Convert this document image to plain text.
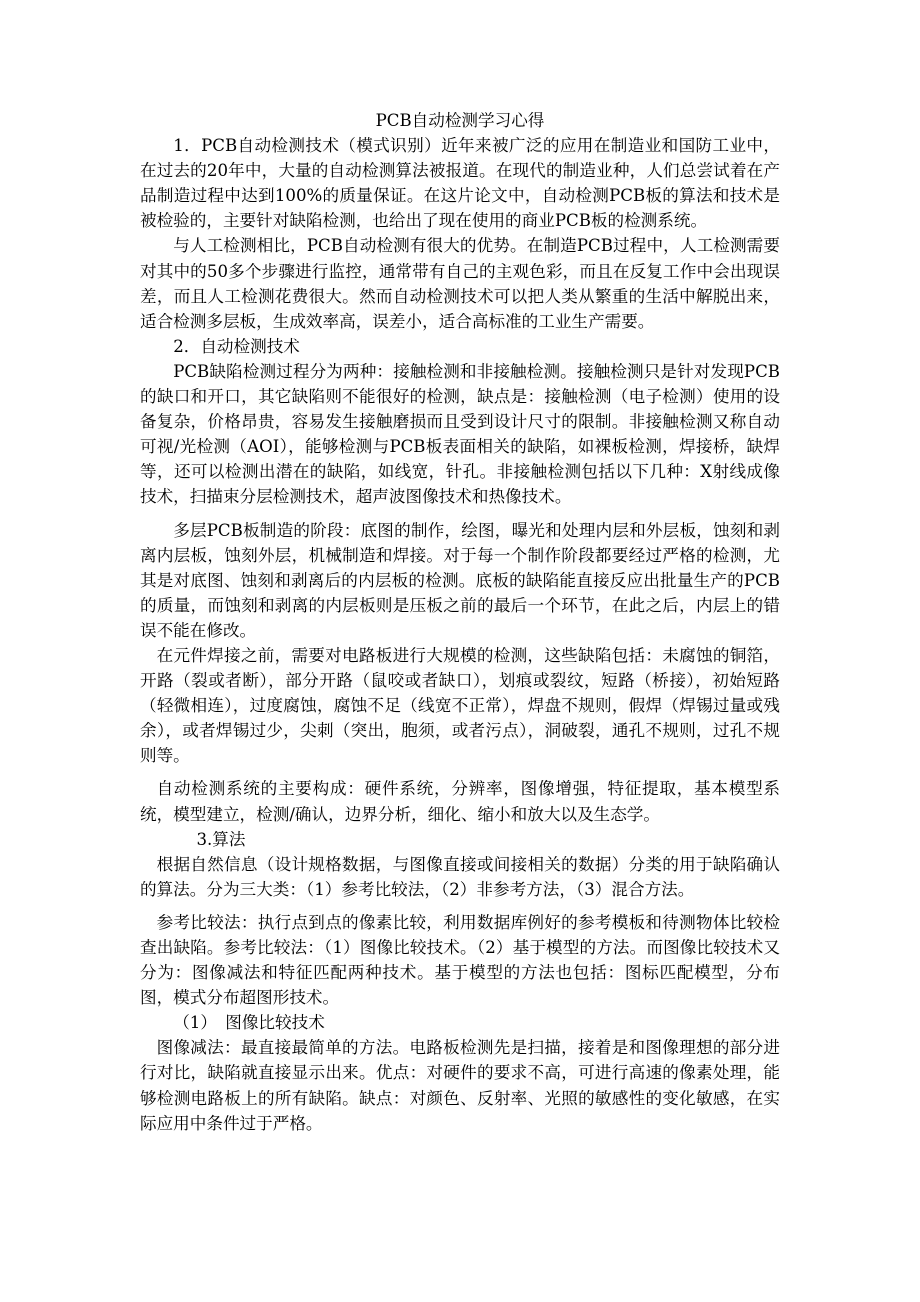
PCB自动检测学习心得

1．PCB自动检测技术（模式识别）近年来被广泛的应用在制造业和国防工业中，在过去的20年中，大量的自动检测算法被报道。在现代的制造业种，人们总尝试着在产品制造过程中达到100%的质量保证。在这片论文中，自动检测PCB板的算法和技术是被检验的，主要针对缺陷检测，也给出了现在使用的商业PCB板的检测系统。

与人工检测相比，PCB自动检测有很大的优势。在制造PCB过程中，人工检测需要对其中的50多个步骤进行监控，通常带有自己的主观色彩，而且在反复工作中会出现误差，而且人工检测花费很大。然而自动检测技术可以把人类从繁重的生活中解脱出来，适合检测多层板，生成效率高，误差小，适合高标准的工业生产需要。

2．自动检测技术

PCB缺陷检测过程分为两种：接触检测和非接触检测。接触检测只是针对发现PCB的缺口和开口，其它缺陷则不能很好的检测，缺点是：接触检测（电子检测）使用的设备复杂，价格昂贵，容易发生接触磨损而且受到设计尺寸的限制。非接触检测又称自动可视/光检测（AOI），能够检测与PCB板表面相关的缺陷，如裸板检测，焊接桥，缺焊等，还可以检测出潜在的缺陷，如线宽，针孔。非接触检测包括以下几种：X射线成像技术，扫描束分层检测技术，超声波图像技术和热像技术。

多层PCB板制造的阶段：底图的制作，绘图，曝光和处理内层和外层板，蚀刻和剥离内层板，蚀刻外层，机械制造和焊接。对于每一个制作阶段都要经过严格的检测，尤其是对底图、蚀刻和剥离后的内层板的检测。底板的缺陷能直接反应出批量生产的PCB的质量，而蚀刻和剥离的内层板则是压板之前的最后一个环节，在此之后，内层上的错误不能在修改。

在元件焊接之前，需要对电路板进行大规模的检测，这些缺陷包括：未腐蚀的铜箔，开路（裂或者断），部分开路（鼠咬或者缺口），划痕或裂纹，短路（桥接），初始短路（轻微相连），过度腐蚀，腐蚀不足（线宽不正常），焊盘不规则，假焊（焊锡过量或残余），或者焊锡过少，尖刺（突出，胞须，或者污点），洞破裂，通孔不规则，过孔不规则等。

自动检测系统的主要构成：硬件系统，分辨率，图像增强，特征提取，基本模型系统，模型建立，检测/确认，边界分析，细化、缩小和放大以及生态学。

3.算法

根据自然信息（设计规格数据，与图像直接或间接相关的数据）分类的用于缺陷确认的算法。分为三大类：（1）参考比较法，（2）非参考方法，（3）混合方法。

参考比较法：执行点到点的像素比较，利用数据库例好的参考模板和待测物体比较检查出缺陷。参考比较法：（1）图像比较技术。（2）基于模型的方法。而图像比较技术又分为：图像减法和特征匹配两种技术。基于模型的方法也包括：图标匹配模型，分布图，模式分布超图形技术。

（1）　图像比较技术

图像减法：最直接最简单的方法。电路板检测先是扫描，接着是和图像理想的部分进行对比，缺陷就直接显示出来。优点：对硬件的要求不高，可进行高速的像素处理，能够检测电路板上的所有缺陷。缺点：对颜色、反射率、光照的敏感性的变化敏感，在实际应用中条件过于严格。
